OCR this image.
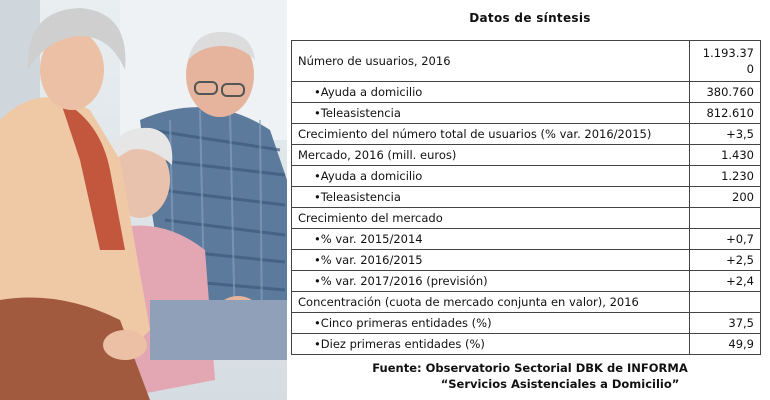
Datos de síntesis
Número de usuarios, 2016	1.193.370
•Ayuda a domicilio	380.760
•Teleasistencia	812.610
Crecimiento del número total de usuarios (% var. 2016/2015)	+3,5
Mercado, 2016 (mill. euros)	1.430
•Ayuda a domicilio	1.230
•Teleasistencia	200
Crecimiento del mercado	
•% var. 2015/2014	+0,7
•% var. 2016/2015	+2,5
•% var. 2017/2016 (previsión)	+2,4
Concentración (cuota de mercado conjunta en valor), 2016	
•Cinco primeras entidades (%)	37,5
•Diez primeras entidades (%)	49,9
Fuente: Observatorio Sectorial DBK de INFORMA
“Servicios Asistenciales a Domicilio”
